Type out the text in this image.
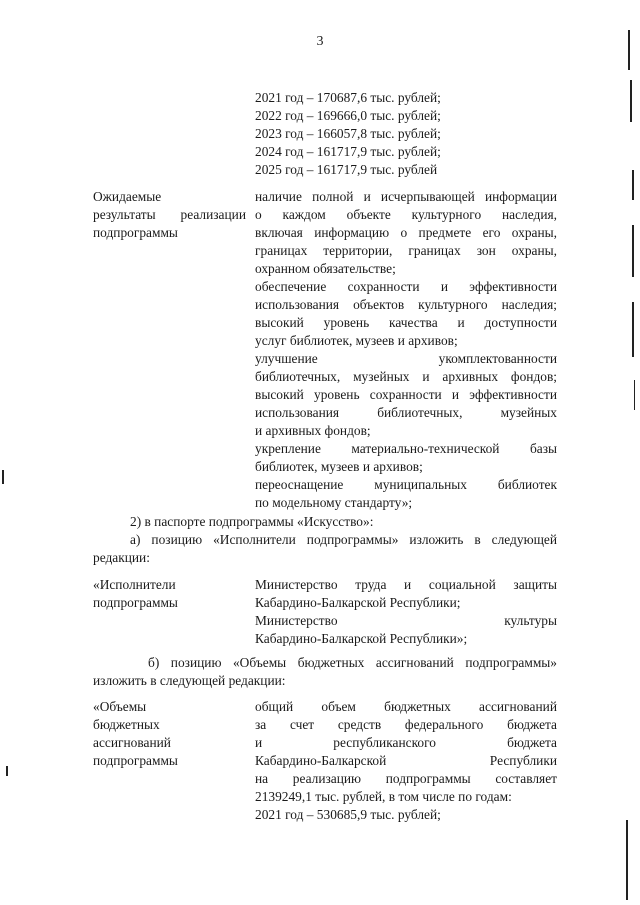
3
2021 год – 170687,6 тыс. рублей;
2022 год – 169666,0 тыс. рублей;
2023 год – 166057,8 тыс. рублей;
2024 год – 161717,9 тыс. рублей;
2025 год – 161717,9 тыс. рублей
Ожидаемые
результаты реализации
подпрограммы
наличие полной и исчерпывающей информации
о каждом объекте культурного наследия,
включая информацию о предмете его охраны,
границах территории, границах зон охраны,
охранном обязательстве;
обеспечение сохранности и эффективности
использования объектов культурного наследия;
высокий уровень качества и доступности
услуг библиотек, музеев и архивов;
улучшение укомплектованности
библиотечных, музейных и архивных фондов;
высокий уровень сохранности и эффективности
использования библиотечных, музейных
и архивных фондов;
укрепление материально-технической базы
библиотек, музеев и архивов;
переоснащение муниципальных библиотек
по модельному стандарту»;
2) в паспорте подпрограммы «Искусство»:
а) позицию «Исполнители подпрограммы» изложить в следующей
редакции:
«Исполнители
подпрограммы
Министерство труда и социальной защиты
Кабардино-Балкарской Республики;
Министерство культуры
Кабардино-Балкарской Республики»;
б) позицию «Объемы бюджетных ассигнований подпрограммы»
изложить в следующей редакции:
«Объемы
бюджетных
ассигнований
подпрограммы
общий объем бюджетных ассигнований
за счет средств федерального бюджета
и республиканского бюджета
Кабардино-Балкарской Республики
на реализацию подпрограммы составляет
2139249,1 тыс. рублей, в том числе по годам:
2021 год – 530685,9 тыс. рублей;
